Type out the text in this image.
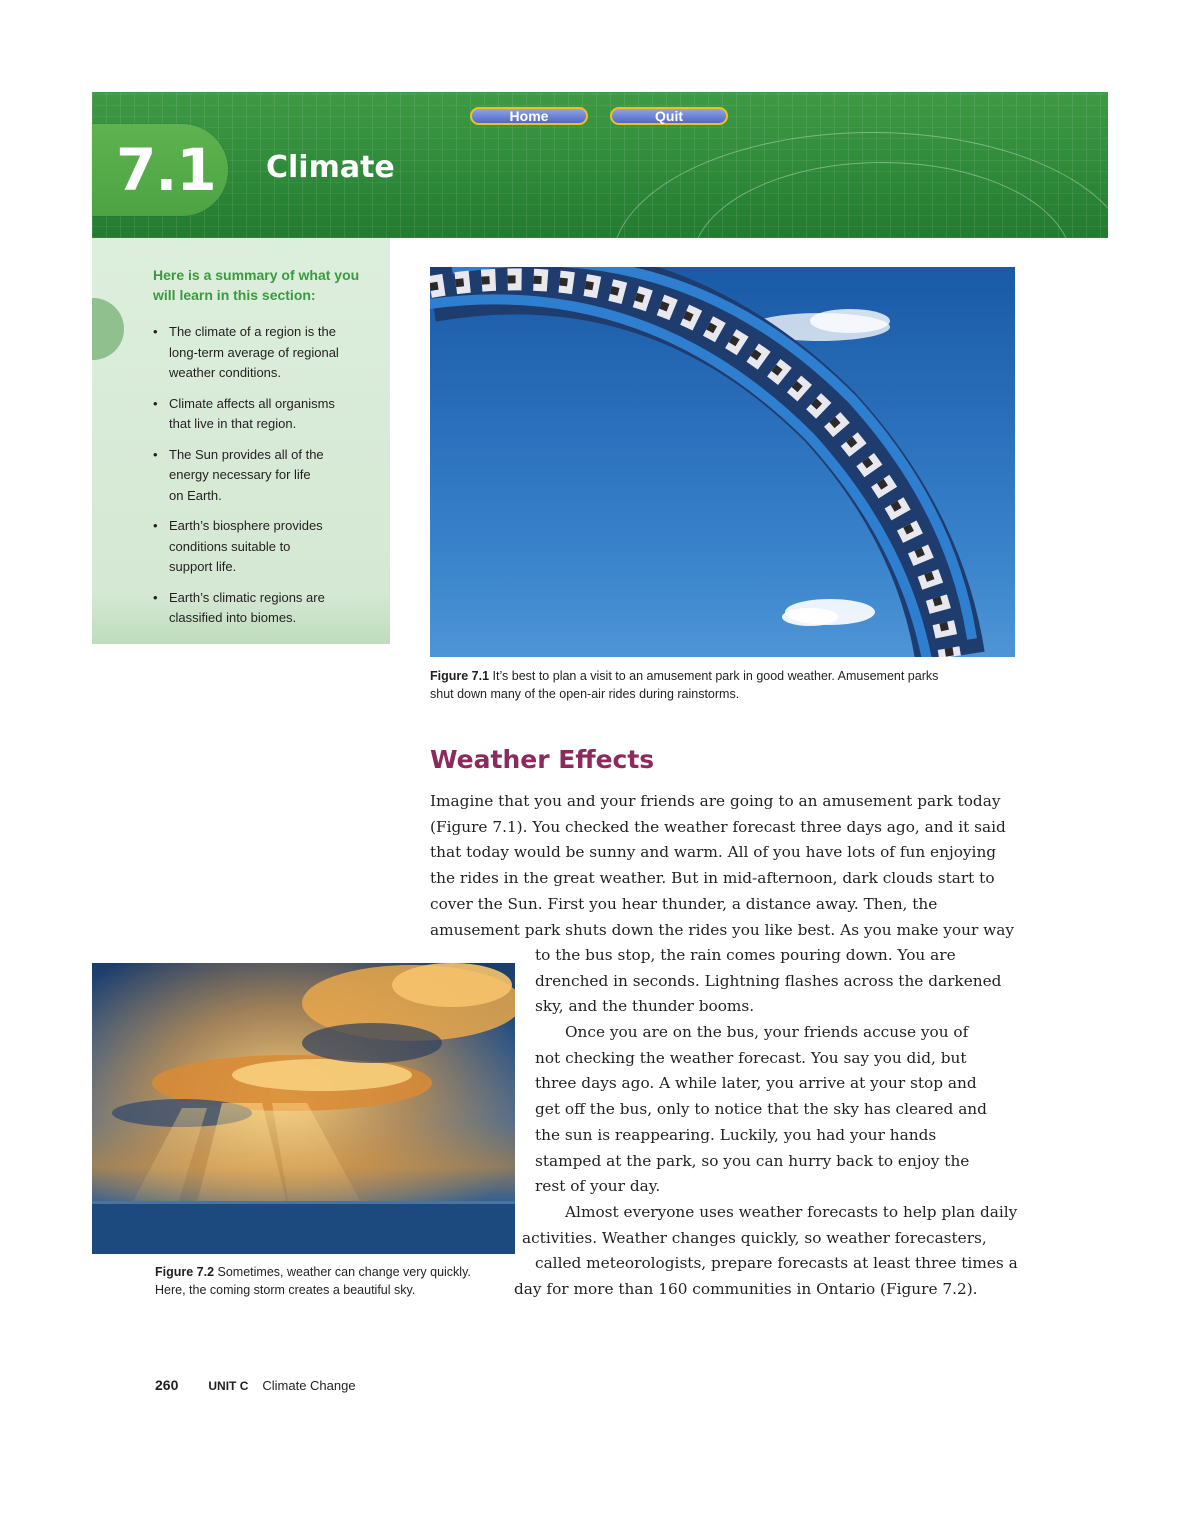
7.1 Climate
Home	Quit
Here is a summary of what you
will learn in this section:
• The climate of a region is the
long-term average of regional
weather conditions.
• Climate affects all organisms
that live in that region.
• The Sun provides all of the
energy necessary for life
on Earth.
• Earth’s biosphere provides
conditions suitable to
support life.
• Earth’s climatic regions are
classified into biomes.
Figure 7.1 It’s best to plan a visit to an amusement park in good weather. Amusement parks
shut down many of the open-air rides during rainstorms.
Weather Effects
Imagine that you and your friends are going to an amusement park today
(Figure 7.1). You checked the weather forecast three days ago, and it said
that today would be sunny and warm. All of you have lots of fun enjoying
the rides in the great weather. But in mid-afternoon, dark clouds start to
cover the Sun. First you hear thunder, a distance away. Then, the
amusement park shuts down the rides you like best. As you make your way
to the bus stop, the rain comes pouring down. You are
drenched in seconds. Lightning flashes across the darkened
sky, and the thunder booms.
Once you are on the bus, your friends accuse you of
not checking the weather forecast. You say you did, but
three days ago. A while later, you arrive at your stop and
get off the bus, only to notice that the sky has cleared and
the sun is reappearing. Luckily, you had your hands
stamped at the park, so you can hurry back to enjoy the
rest of your day.
Almost everyone uses weather forecasts to help plan daily
activities. Weather changes quickly, so weather forecasters,
called meteorologists, prepare forecasts at least three times a
day for more than 160 communities in Ontario (Figure 7.2).
Figure 7.2 Sometimes, weather can change very quickly.
Here, the coming storm creates a beautiful sky.
260	UNIT C Climate Change
